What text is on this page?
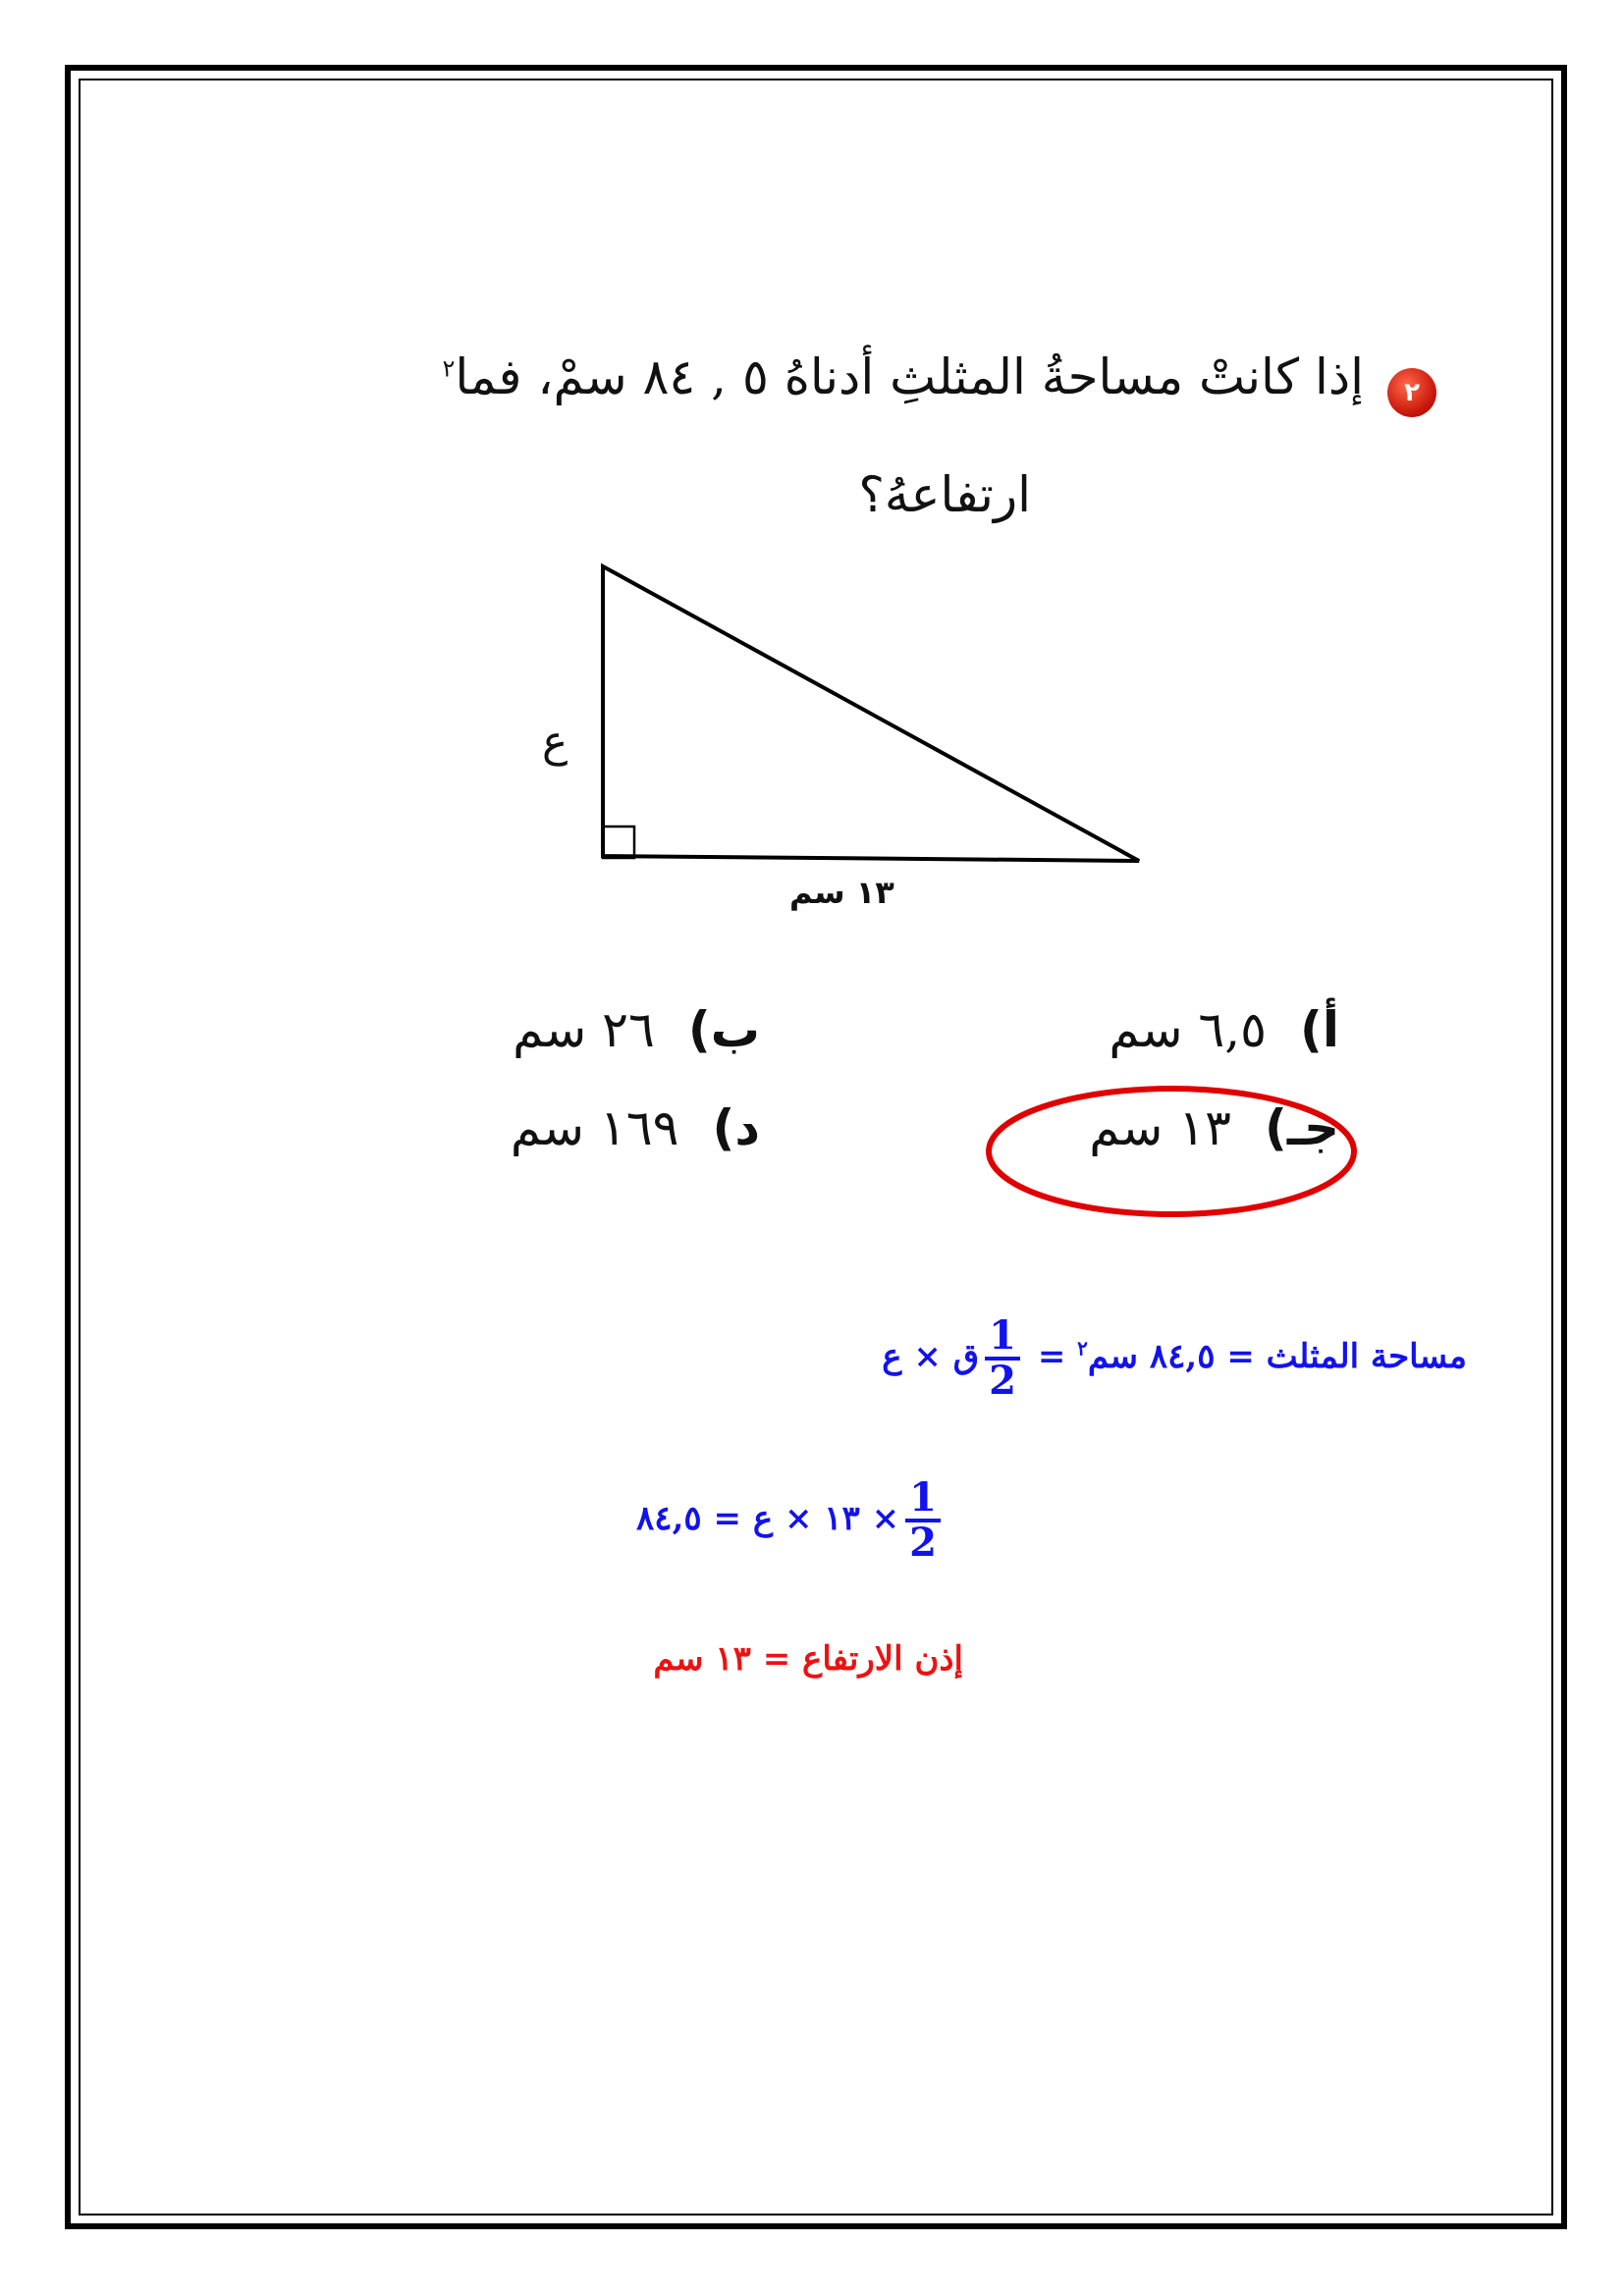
٢
إذا كانتْ مساحةُ المثلثِ أدناهُ ٥ , ٨٤ سمْ، فما$^٢$
ارتفاعهُ؟
ع
١٣ سم
أ)٦,٥ سم
ب)٢٦ سم
جـ)١٣ سم
د)١٦٩ سم
مساحة المثلث = ٨٤,٥ سم$^٢$ =
$\frac{1}{2}$
ق × ع
$\frac{1}{2}$
× ١٣ × ع = ٨٤,٥
إذن الارتفاع = ١٣ سم
